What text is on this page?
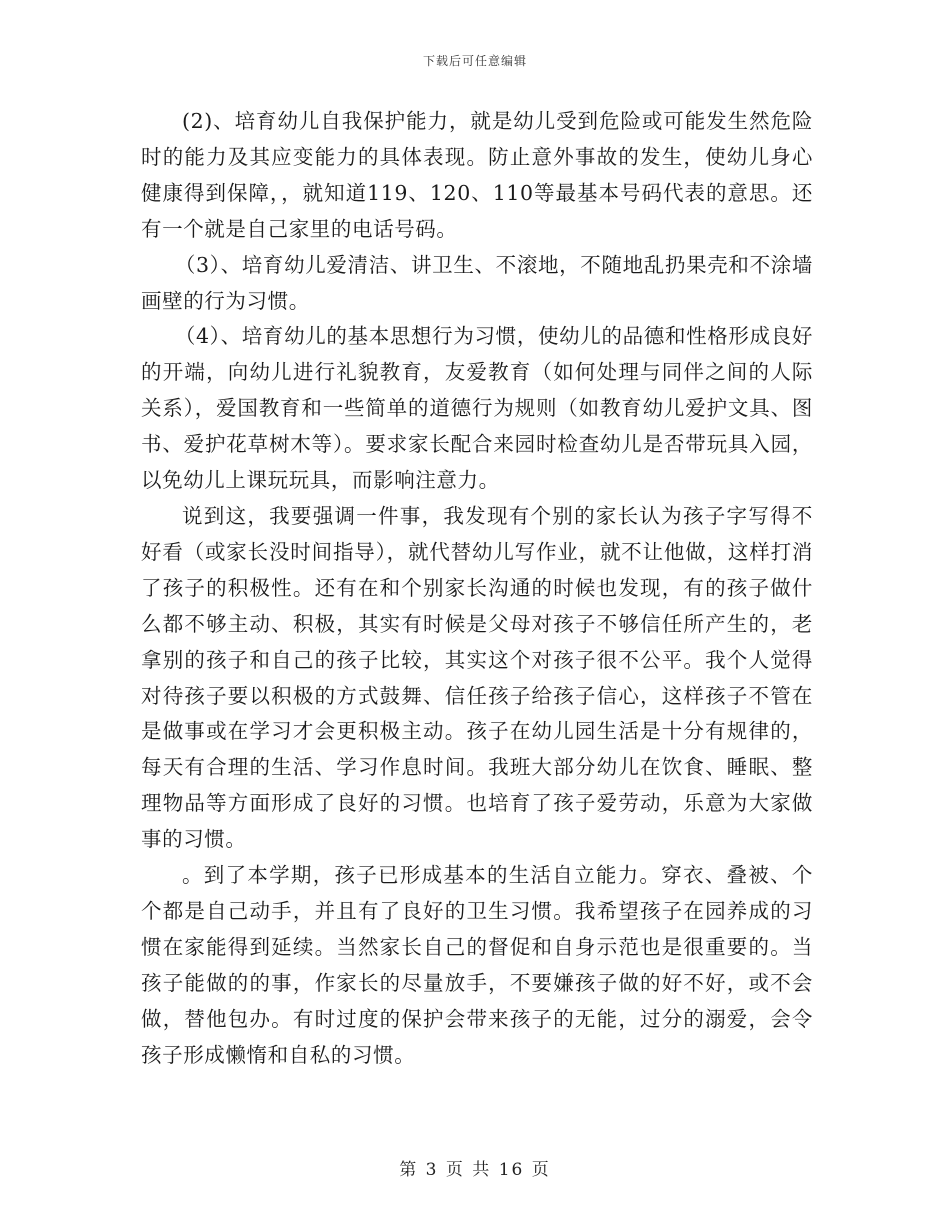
下载后可任意编辑

(2)、培育幼儿自我保护能力，就是幼儿受到危险或可能发生然危险时的能力及其应变能力的具体表现。防止意外事故的发生，使幼儿身心健康得到保障，，就知道119、120、110等最基本号码代表的意思。还有一个就是自己家里的电话号码。

（3）、培育幼儿爱清洁、讲卫生、不滚地，不随地乱扔果壳和不涂墙画壁的行为习惯。

（4）、培育幼儿的基本思想行为习惯，使幼儿的品德和性格形成良好的开端，向幼儿进行礼貌教育，友爱教育（如何处理与同伴之间的人际关系），爱国教育和一些简单的道德行为规则（如教育幼儿爱护文具、图书、爱护花草树木等）。要求家长配合来园时检查幼儿是否带玩具入园，以免幼儿上课玩玩具，而影响注意力。

说到这，我要强调一件事，我发现有个别的家长认为孩子字写得不好看（或家长没时间指导），就代替幼儿写作业，就不让他做，这样打消了孩子的积极性。还有在和个别家长沟通的时候也发现，有的孩子做什么都不够主动、积极，其实有时候是父母对孩子不够信任所产生的，老拿别的孩子和自己的孩子比较，其实这个对孩子很不公平。我个人觉得对待孩子要以积极的方式鼓舞、信任孩子给孩子信心，这样孩子不管在是做事或在学习才会更积极主动。孩子在幼儿园生活是十分有规律的，每天有合理的生活、学习作息时间。我班大部分幼儿在饮食、睡眠、整理物品等方面形成了良好的习惯。也培育了孩子爱劳动，乐意为大家做事的习惯。

。到了本学期，孩子已形成基本的生活自立能力。穿衣、叠被、个个都是自己动手，并且有了良好的卫生习惯。我希望孩子在园养成的习惯在家能得到延续。当然家长自己的督促和自身示范也是很重要的。当孩子能做的的事，作家长的尽量放手，不要嫌孩子做的好不好，或不会做，替他包办。有时过度的保护会带来孩子的无能，过分的溺爱，会令孩子形成懒惰和自私的习惯。

第 3 页 共 16 页
